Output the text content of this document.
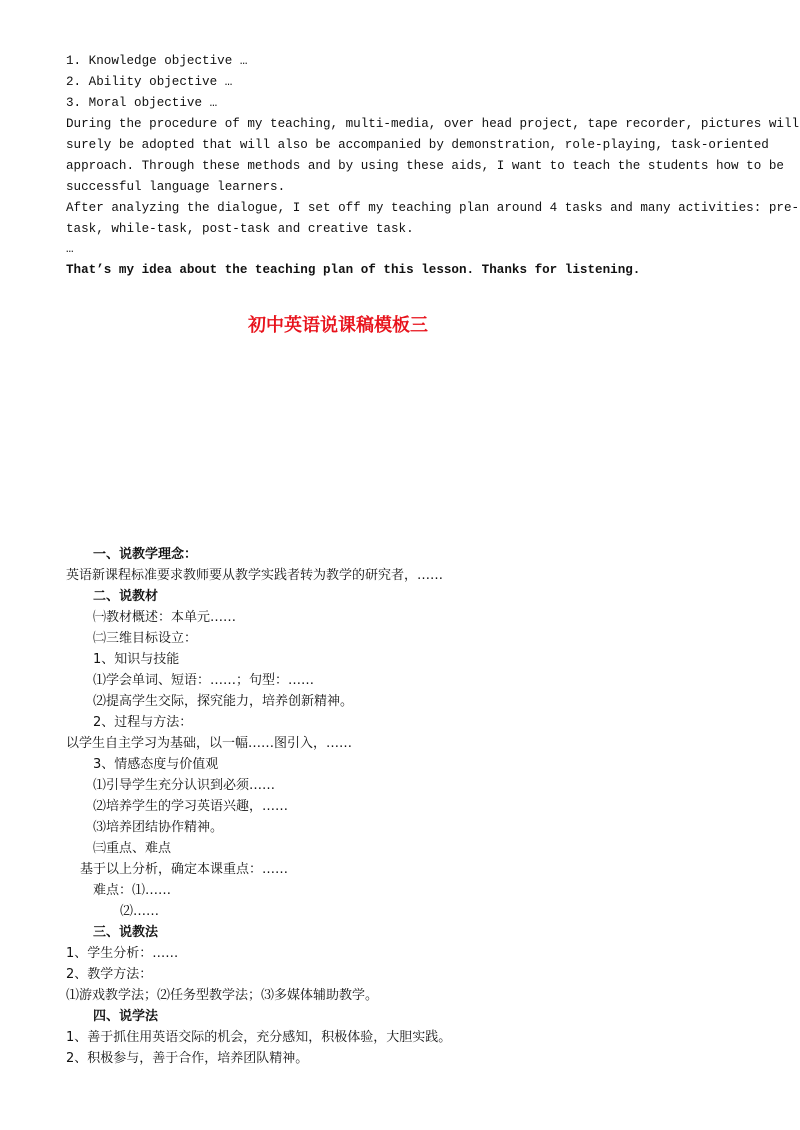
1. Knowledge objective …
2. Ability objective …
3. Moral objective …
During the procedure of my teaching, multi-media, over head project, tape recorder, pictures will
surely be adopted that will also be accompanied by demonstration, role-playing, task-oriented
approach. Through these methods and by using these aids, I want to teach the students how to be
successful language learners.
After analyzing the dialogue, I set off my teaching plan around 4 tasks and many activities: pre-
task, while-task, post-task and creative task.
…
That’s my idea about the teaching plan of this lesson. Thanks for listening.
初中英语说课稿模板三
一、说教学理念：
英语新课程标准要求教师要从教学实践者转为教学的研究者，……
二、说教材
㈠教材概述：本单元……
㈡三维目标设立：
1、知识与技能
⑴学会单词、短语：……；句型：……
⑵提高学生交际，探究能力，培养创新精神。
2、过程与方法：
以学生自主学习为基础，以一幅……图引入，……
3、情感态度与价值观
⑴引导学生充分认识到必须……
⑵培养学生的学习英语兴趣，……
⑶培养团结协作精神。
㈢重点、难点
基于以上分析，确定本课重点：……
难点：⑴……
⑵……
三、说教法
1、学生分析：……
2、教学方法：
⑴游戏教学法；⑵任务型教学法；⑶多媒体辅助教学。
四、说学法
1、善于抓住用英语交际的机会，充分感知，积极体验，大胆实践。
2、积极参与，善于合作，培养团队精神。
